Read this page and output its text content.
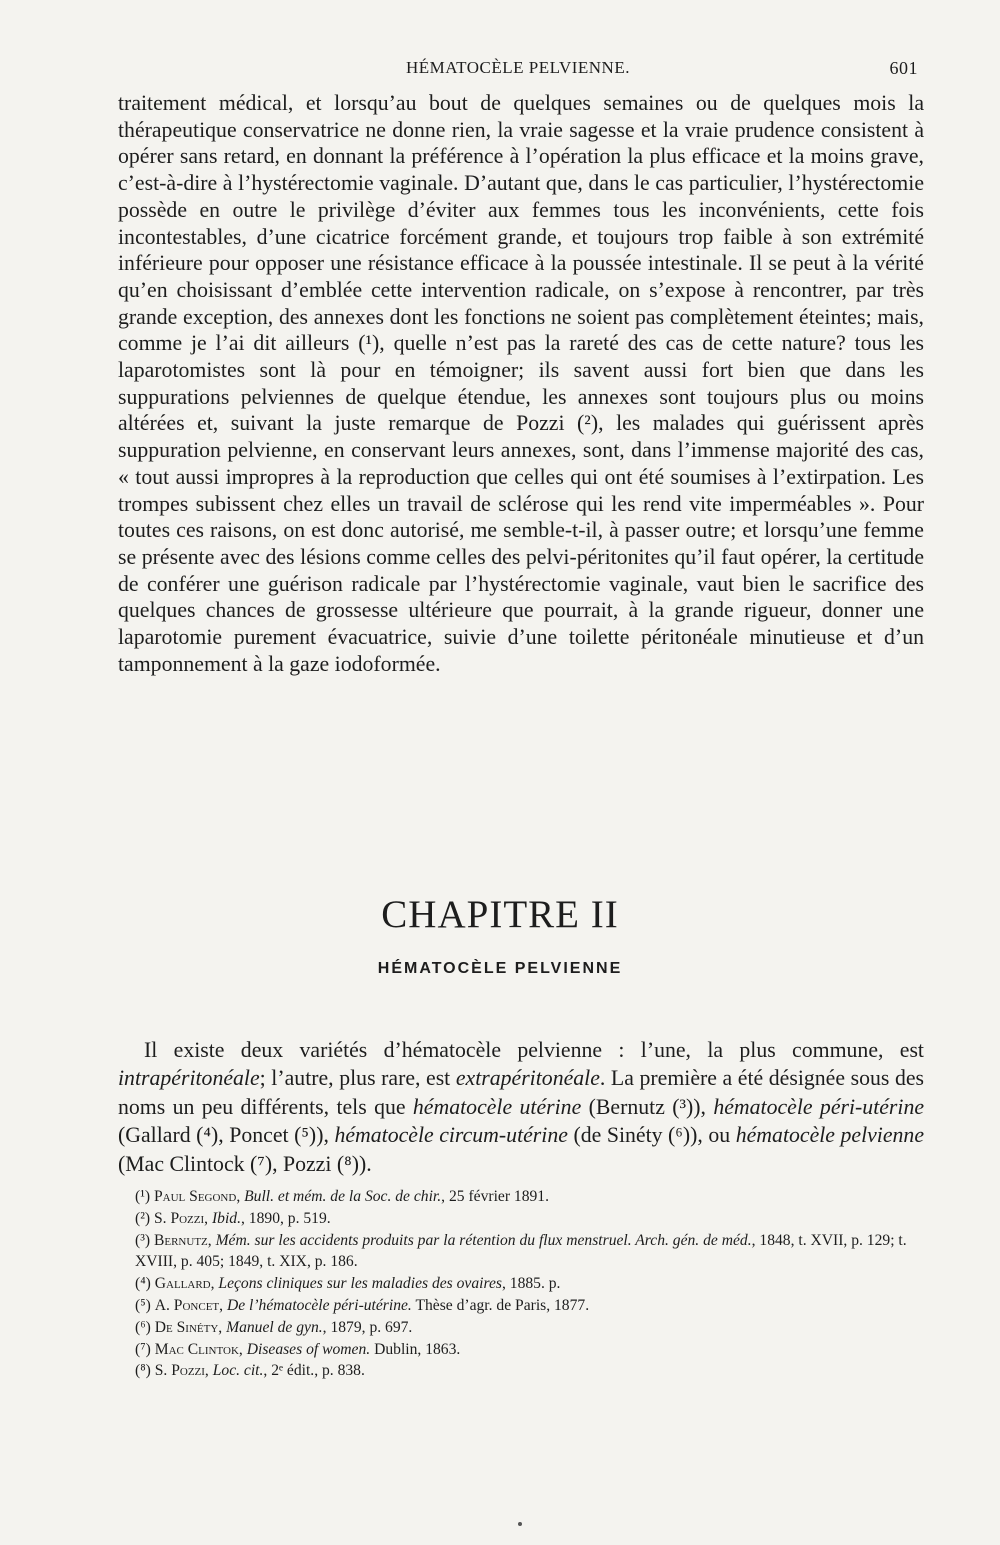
HÉMATOCÈLE PELVIENNE.	601

traitement médical, et lorsqu’au bout de quelques semaines ou de quelques mois la thérapeutique conservatrice ne donne rien, la vraie sagesse et la vraie prudence consistent à opérer sans retard, en donnant la préférence à l’opération la plus efficace et la moins grave, c’est-à-dire à l’hystérectomie vaginale. D’autant que, dans le cas particulier, l’hystérectomie possède en outre le privilège d’éviter aux femmes tous les inconvénients, cette fois incontestables, d’une cicatrice forcément grande, et toujours trop faible à son extrémité inférieure pour opposer une résistance efficace à la poussée intestinale. Il se peut à la vérité qu’en choisissant d’emblée cette intervention radicale, on s’expose à rencontrer, par très grande exception, des annexes dont les fonctions ne soient pas complètement éteintes; mais, comme je l’ai dit ailleurs (¹), quelle n’est pas la rareté des cas de cette nature? tous les laparotomistes sont là pour en témoigner; ils savent aussi fort bien que dans les suppurations pelviennes de quelque étendue, les annexes sont toujours plus ou moins altérées et, suivant la juste remarque de Pozzi (²), les malades qui guérissent après suppuration pelvienne, en conservant leurs annexes, sont, dans l’immense majorité des cas, « tout aussi impropres à la reproduction que celles qui ont été soumises à l’extirpation. Les trompes subissent chez elles un travail de sclérose qui les rend vite imperméables ». Pour toutes ces raisons, on est donc autorisé, me semble-t-il, à passer outre; et lorsqu’une femme se présente avec des lésions comme celles des pelvi-péritonites qu’il faut opérer, la certitude de conférer une guérison radicale par l’hystérectomie vaginale, vaut bien le sacrifice des quelques chances de grossesse ultérieure que pourrait, à la grande rigueur, donner une laparotomie purement évacuatrice, suivie d’une toilette péritonéale minutieuse et d’un tamponnement à la gaze iodoformée.

CHAPITRE II
HÉMATOCÈLE PELVIENNE

Il existe deux variétés d’hématocèle pelvienne : l’une, la plus commune, est intrapéritonéale; l’autre, plus rare, est extrapéritonéale. La première a été désignée sous des noms un peu différents, tels que hématocèle utérine (Bernutz (³)), hématocèle péri-utérine (Gallard (⁴), Poncet (⁵)), hématocèle circum-utérine (de Sinéty (⁶)), ou hématocèle pelvienne (Mac Clintock (⁷), Pozzi (⁸)).

(¹) Paul Segond, Bull. et mém. de la Soc. de chir., 25 février 1891.
(²) S. Pozzi, Ibid., 1890, p. 519.
(³) Bernutz, Mém. sur les accidents produits par la rétention du flux menstruel. Arch. gén. de méd., 1848, t. XVII, p. 129; t. XVIII, p. 405; 1849, t. XIX, p. 186.
(⁴) Gallard, Leçons cliniques sur les maladies des ovaires, 1885. p.
(⁵) A. Poncet, De l’hématocèle péri-utérine. Thèse d’agr. de Paris, 1877.
(⁶) De Sinéty, Manuel de gyn., 1879, p. 697.
(⁷) Mac Clintok, Diseases of women. Dublin, 1863.
(⁸) S. Pozzi, Loc. cit., 2ᵉ édit., p. 838.
